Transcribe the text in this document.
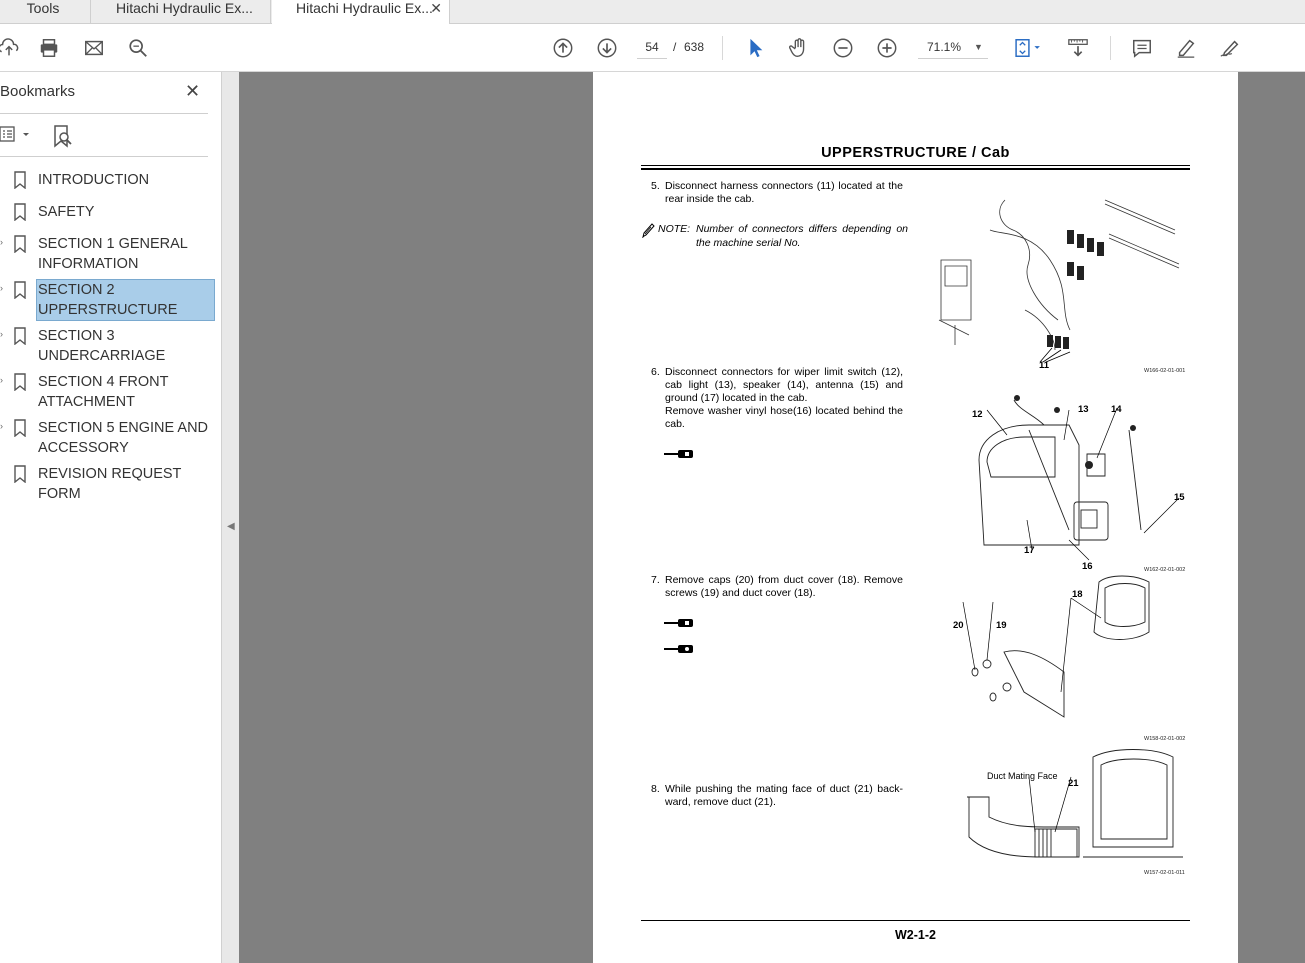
Tools	Hitachi Hydraulic Ex...	Hitachi Hydraulic Ex...
✕
54	/ 638	71.1% ▼
Bookmarks	✕
INTRODUCTION
SAFETY
› SECTION 1 GENERAL INFORMATION
› SECTION 2 UPPERSTRUCTURE
› SECTION 3 UNDERCARRIAGE
› SECTION 4 FRONT ATTACHMENT
› SECTION 5 ENGINE AND ACCESSORY
REVISION REQUEST FORM
◀
UPPERSTRUCTURE / Cab
5. Disconnect harness connectors (11) located at the rear inside the cab.
NOTE: Number of connectors differs depending on the machine serial No.
11	W166-02-01-001
6. Disconnect connectors for wiper limit switch (12), cab light (13), speaker (14), antenna (15) and ground (17) located in the cab.
Remove washer vinyl hose(16) located behind the cab.
12	13 14
15
16
17
W162-02-01-002
7. Remove caps (20) from duct cover (18). Remove screws (19) and duct cover (18).	18
19
20
W158-02-01-002
8. While pushing the mating face of duct (21) back-ward, remove duct (21).
Duct Mating Face
21
W157-02-01-011
W2-1-2
